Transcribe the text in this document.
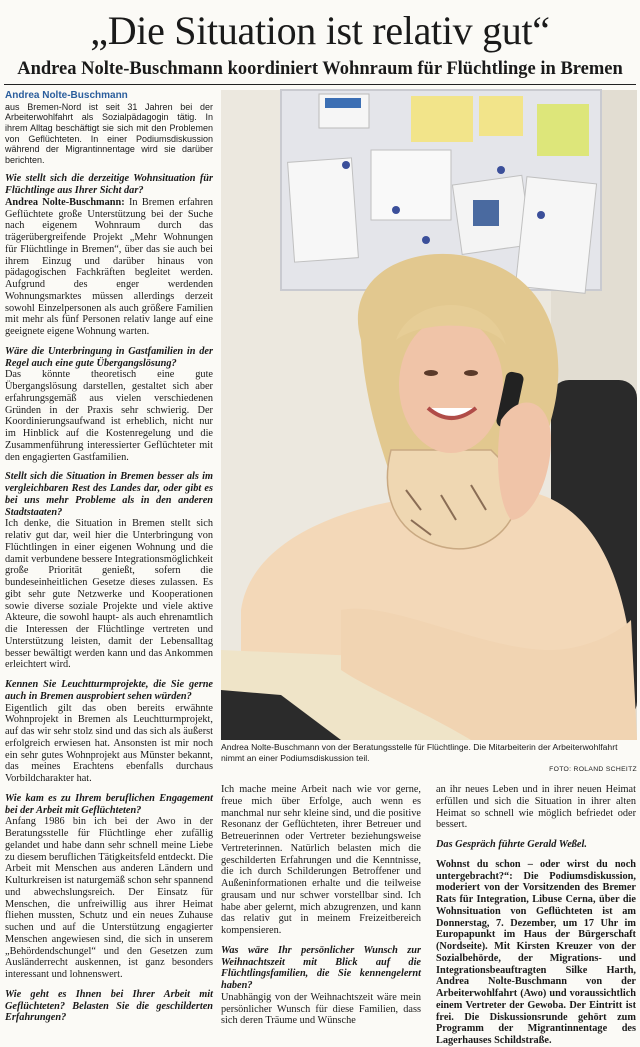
„Die Situation ist relativ gut“
Andrea Nolte-Buschmann koordiniert Wohnraum für Flüchtlinge in Bremen

Andrea Nolte-Buschmann

aus Bremen-Nord ist seit 31 Jahren bei der Arbeiterwohlfahrt als Sozialpädagogin tätig. In ihrem Alltag beschäftigt sie sich mit den Problemen von Geflüchteten. In einer Podiumsdiskussion während der Migrantinnentage wird sie darüber berichten.

Wie stellt sich die derzeitige Wohnsituation für Flüchtlinge aus Ihrer Sicht dar?

Andrea Nolte-Buschmann: In Bremen erfahren Geflüchtete große Unterstützung bei der Suche nach eigenem Wohnraum durch das trägerübergreifende Projekt „Mehr Wohnungen für Flüchtlinge in Bremen“, über das sie auch bei ihrem Einzug und darüber hinaus von pädagogischen Fachkräften begleitet werden. Aufgrund des enger werdenden Wohnungsmarktes müssen allerdings derzeit sowohl Einzelpersonen als auch größere Familien mit mehr als fünf Personen relativ lange auf eine geeignete eigene Wohnung warten.

Wäre die Unterbringung in Gastfamilien in der Regel auch eine gute Übergangslösung?

Das könnte theoretisch eine gute Übergangslösung darstellen, gestaltet sich aber erfahrungsgemäß aus vielen verschiedenen Gründen in der Praxis sehr schwierig. Der Koordinierungsaufwand ist erheblich, nicht nur im Hinblick auf die Kostenregelung und die Zusammenführung interessierter Geflüchteter mit den engagierten Gastfamilien.

Stellt sich die Situation in Bremen besser als im vergleichbaren Rest des Landes dar, oder gibt es bei uns mehr Probleme als in den anderen Stadtstaaten?

Ich denke, die Situation in Bremen stellt sich relativ gut dar, weil hier die Unterbringung von Flüchtlingen in einer eigenen Wohnung und die damit verbundene bessere Integrationsmöglichkeit große Priorität genießt, sofern die bundeseinheitlichen Gesetze dieses zulassen. Es gibt sehr gute Netzwerke und Kooperationen sowie diverse soziale Projekte und viele aktive Akteure, die sowohl haupt- als auch ehrenamtlich die Interessen der Flüchtlinge vertreten und Unterstützung leisten, damit der Lebensalltag besser bewältigt werden kann und das Ankommen erleichtert wird.

Kennen Sie Leuchtturmprojekte, die Sie gerne auch in Bremen ausprobiert sehen würden?

Eigentlich gilt das oben bereits erwähnte Wohnprojekt in Bremen als Leuchtturmprojekt, auf das wir sehr stolz sind und das sich als äußerst erfolgreich erwiesen hat. Ansonsten ist mir noch ein sehr gutes Wohnprojekt aus Münster bekannt, das meines Erachtens ebenfalls durchaus Vorbildcharakter hat.

Wie kam es zu Ihrem beruflichen Engagement bei der Arbeit mit Geflüchteten?

Anfang 1986 bin ich bei der Awo in der Beratungsstelle für Flüchtlinge eher zufällig gelandet und habe dann sehr schnell meine Liebe zu diesem beruflichen Tätigkeitsfeld entdeckt. Die Arbeit mit Menschen aus anderen Ländern und Kulturkreisen ist naturgemäß schon sehr spannend und abwechslungsreich. Der Einsatz für Menschen, die unfreiwillig aus ihrer Heimat fliehen mussten, Schutz und ein neues Zuhause suchen und auf die Unterstützung engagierter Menschen angewiesen sind, die sich in unserem „Behördendschungel“ und den Gesetzen zum Ausländerrecht auskennen, ist ganz besonders interessant und lohnenswert.

Wie geht es Ihnen bei Ihrer Arbeit mit Geflüchteten? Belasten Sie die geschilderten Erfahrungen?

Andrea Nolte-Buschmann von der Beratungsstelle für Flüchtlinge. Die Mitarbeiterin der Arbeiterwohlfahrt nimmt an einer Podiumsdiskussion teil.
FOTO: ROLAND SCHEITZ

Ich mache meine Arbeit nach wie vor gerne, freue mich über Erfolge, auch wenn es manchmal nur sehr kleine sind, und die positive Resonanz der Geflüchteten, ihrer Betreuer und Betreuerinnen oder Vertreter beziehungsweise Vertreterinnen. Natürlich belasten mich die geschilderten Erfahrungen und die Kenntnisse, die ich durch Schilderungen Betroffener und Außeninformationen erhalte und die teilweise grausam und nur schwer vorstellbar sind. Ich habe aber gelernt, mich abzugrenzen, und kann das relativ gut in meinem Freizeitbereich kompensieren.

Was wäre Ihr persönlicher Wunsch zur Weihnachtszeit mit Blick auf die Flüchtlingsfamilien, die Sie kennengelernt haben?

Unabhängig von der Weihnachtszeit wäre mein persönlicher Wunsch für diese Familien, dass sich deren Träume und Wünsche

an ihr neues Leben und in ihrer neuen Heimat erfüllen und sich die Situation in ihrer alten Heimat so schnell wie möglich befriedet oder bessert.

Das Gespräch führte Gerald Weßel.

Wohnst du schon – oder wirst du noch untergebracht?“: Die Podiumsdiskussion, moderiert von der Vorsitzenden des Bremer Rats für Integration, Libuse Cerna, über die Wohnsituation von Geflüchteten ist am Donnerstag, 7. Dezember, um 17 Uhr im Europapunkt im Haus der Bürgerschaft (Nordseite). Mit Kirsten Kreuzer von der Sozialbehörde, der Migrations- und Integrationsbeauftragten Silke Harth, Andrea Nolte-Buschmann von der Arbeiterwohlfahrt (Awo) und voraussichtlich einem Vertreter der Gewoba. Der Eintritt ist frei. Die Diskussionsrunde gehört zum Programm der Migrantinnentage des Lagerhauses Schildstraße.
